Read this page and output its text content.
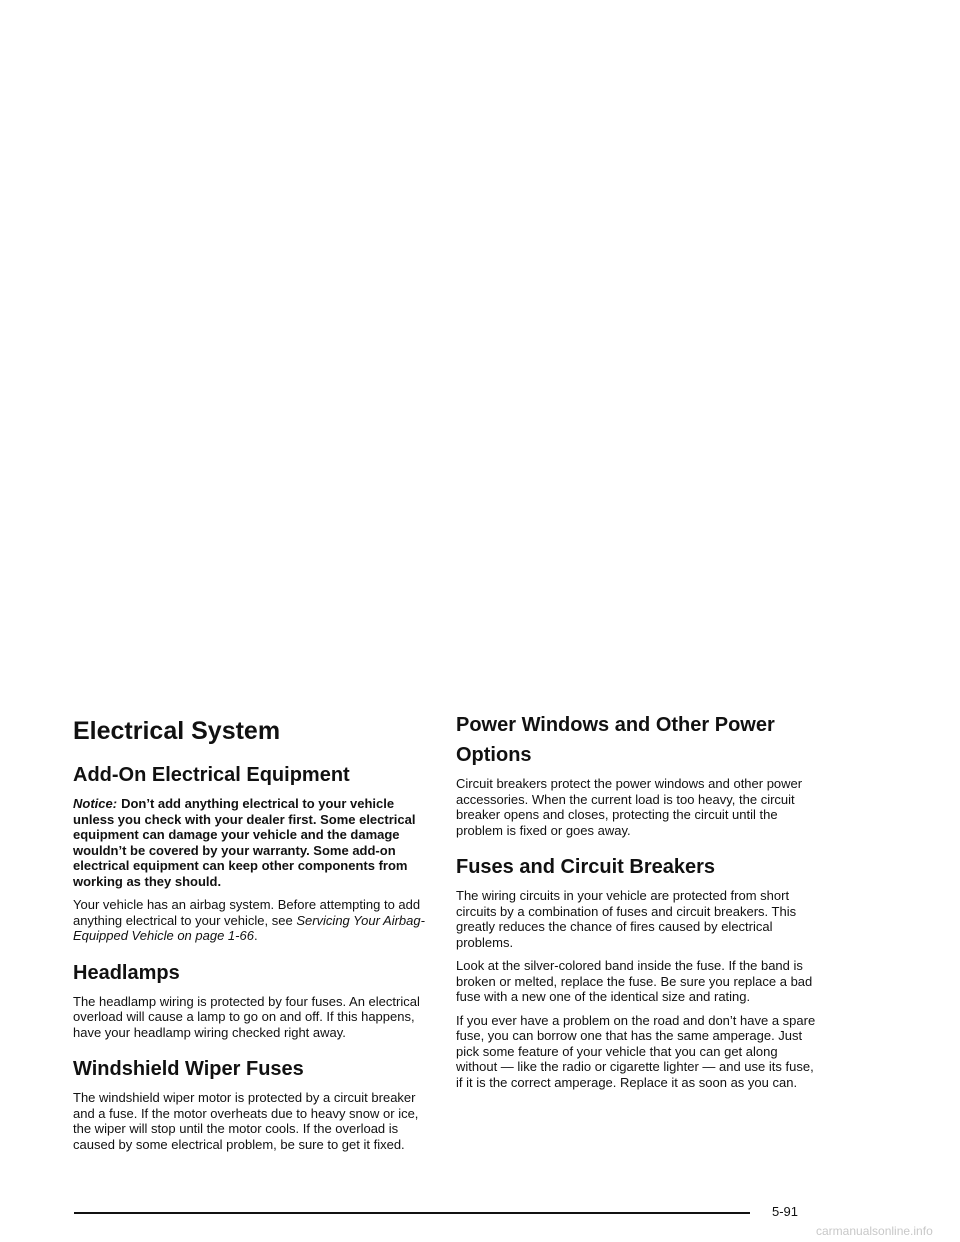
Electrical System
Add-On Electrical Equipment

Notice: Don’t add anything electrical to your vehicle unless you check with your dealer first. Some electrical equipment can damage your vehicle and the damage wouldn’t be covered by your warranty. Some add-on electrical equipment can keep other components from working as they should.

Your vehicle has an airbag system. Before attempting to add anything electrical to your vehicle, see Servicing Your Airbag-Equipped Vehicle on page 1-66.

Headlamps

The headlamp wiring is protected by four fuses. An electrical overload will cause a lamp to go on and off. If this happens, have your headlamp wiring checked right away.

Windshield Wiper Fuses

The windshield wiper motor is protected by a circuit breaker and a fuse. If the motor overheats due to heavy snow or ice, the wiper will stop until the motor cools. If the overload is caused by some electrical problem, be sure to get it fixed.

Power Windows and Other Power Options

Circuit breakers protect the power windows and other power accessories. When the current load is too heavy, the circuit breaker opens and closes, protecting the circuit until the problem is fixed or goes away.

Fuses and Circuit Breakers

The wiring circuits in your vehicle are protected from short circuits by a combination of fuses and circuit breakers. This greatly reduces the chance of fires caused by electrical problems.

Look at the silver-colored band inside the fuse. If the band is broken or melted, replace the fuse. Be sure you replace a bad fuse with a new one of the identical size and rating.

If you ever have a problem on the road and don’t have a spare fuse, you can borrow one that has the same amperage. Just pick some feature of your vehicle that you can get along without — like the radio or cigarette lighter — and use its fuse, if it is the correct amperage. Replace it as soon as you can.

5-91
carmanualsonline.info
